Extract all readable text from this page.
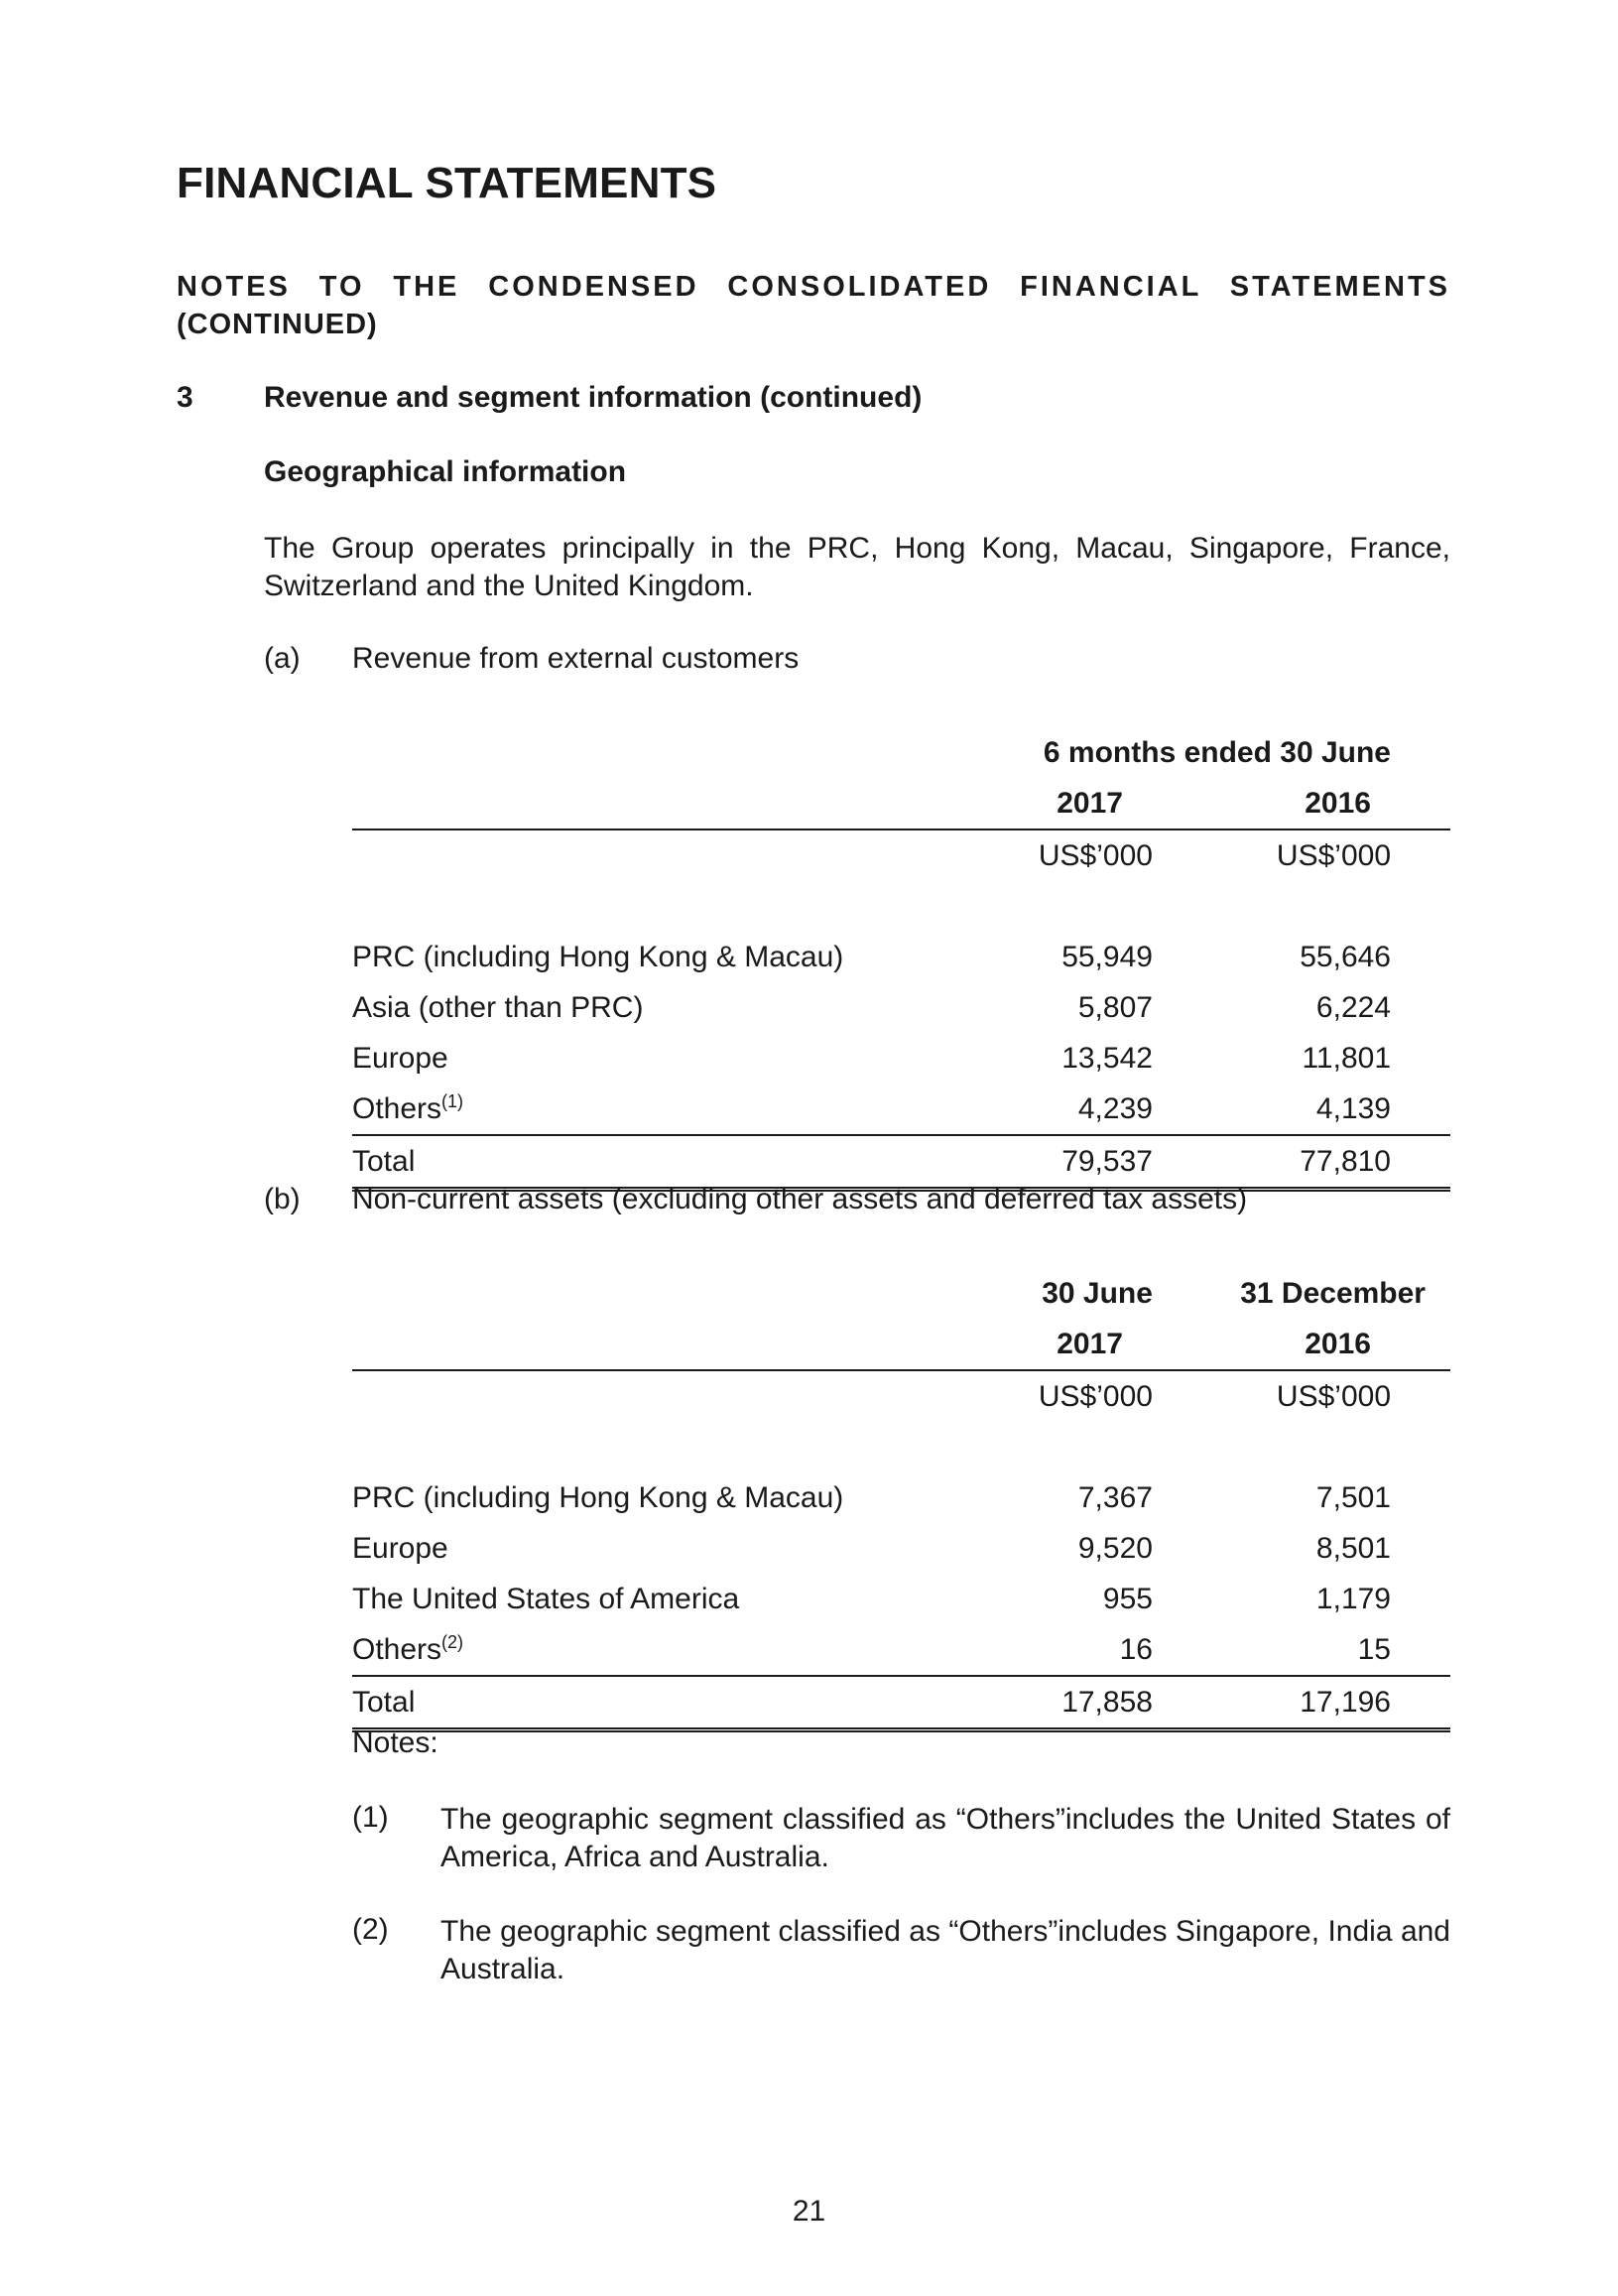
FINANCIAL STATEMENTS
NOTES TO THE CONDENSED CONSOLIDATED FINANCIAL STATEMENTS
(CONTINUED)
3 Revenue and segment information (continued)
Geographical information
The Group operates principally in the PRC, Hong Kong, Macau, Singapore, France, Switzerland and the United Kingdom.
(a) Revenue from external customers
	6 months ended 30 June	
	2017	2016
	US$’000	US$’000

PRC (including Hong Kong & Macau)	55,949	55,646
Asia (other than PRC)	5,807	6,224
Europe	13,542	11,801
Others$^{(1)}$	4,239	4,139
Total	79,537	77,810
(b) Non-current assets (excluding other assets and deferred tax assets)
	30 June	31 December
	2017	2016
	US$’000	US$’000

PRC (including Hong Kong & Macau)	7,367	7,501
Europe	9,520	8,501
The United States of America	955	1,179
Others$^{(2)}$	16	15
Total	17,858	17,196
Notes:
(1) The geographic segment classified as “Others”includes the United States of America, Africa and Australia.
(2) The geographic segment classified as “Others”includes Singapore, India and Australia.
21
